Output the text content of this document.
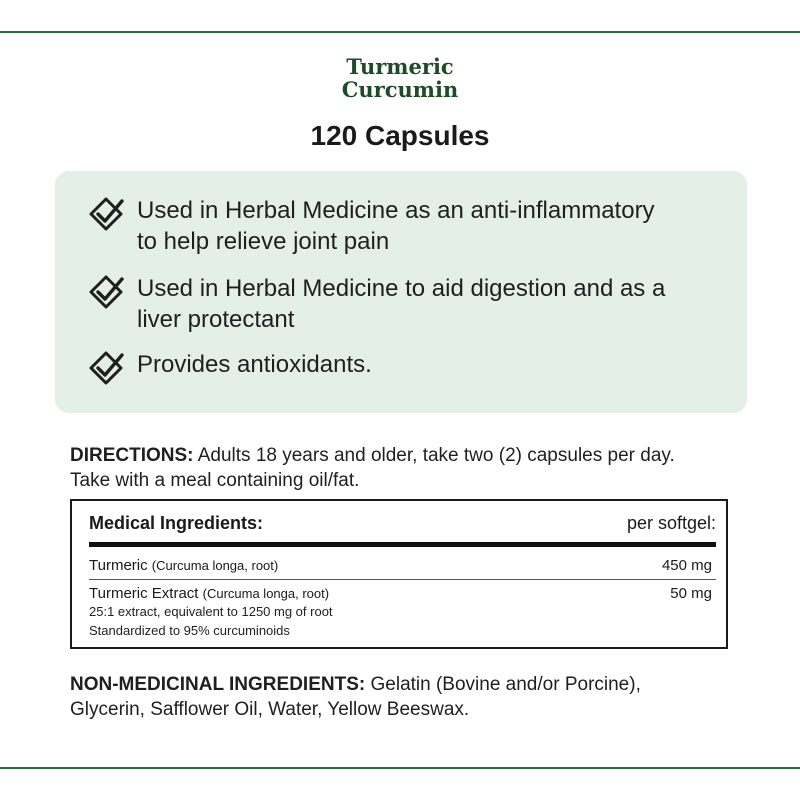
Turmeric
Curcumin
120 Capsules
Used in Herbal Medicine as an anti-inflammatory
to help relieve joint pain
Used in Herbal Medicine to aid digestion and as a
liver protectant
Provides antioxidants.
DIRECTIONS: Adults 18 years and older, take two (2) capsules per day.
Take with a meal containing oil/fat.
Medical Ingredients:	per softgel:
Turmeric (Curcuma longa, root)	450 mg
Turmeric Extract (Curcuma longa, root)	50 mg
25:1 extract, equivalent to 1250 mg of root
Standardized to 95% curcuminoids
NON-MEDICINAL INGREDIENTS: Gelatin (Bovine and/or Porcine),
Glycerin, Safflower Oil, Water, Yellow Beeswax.
